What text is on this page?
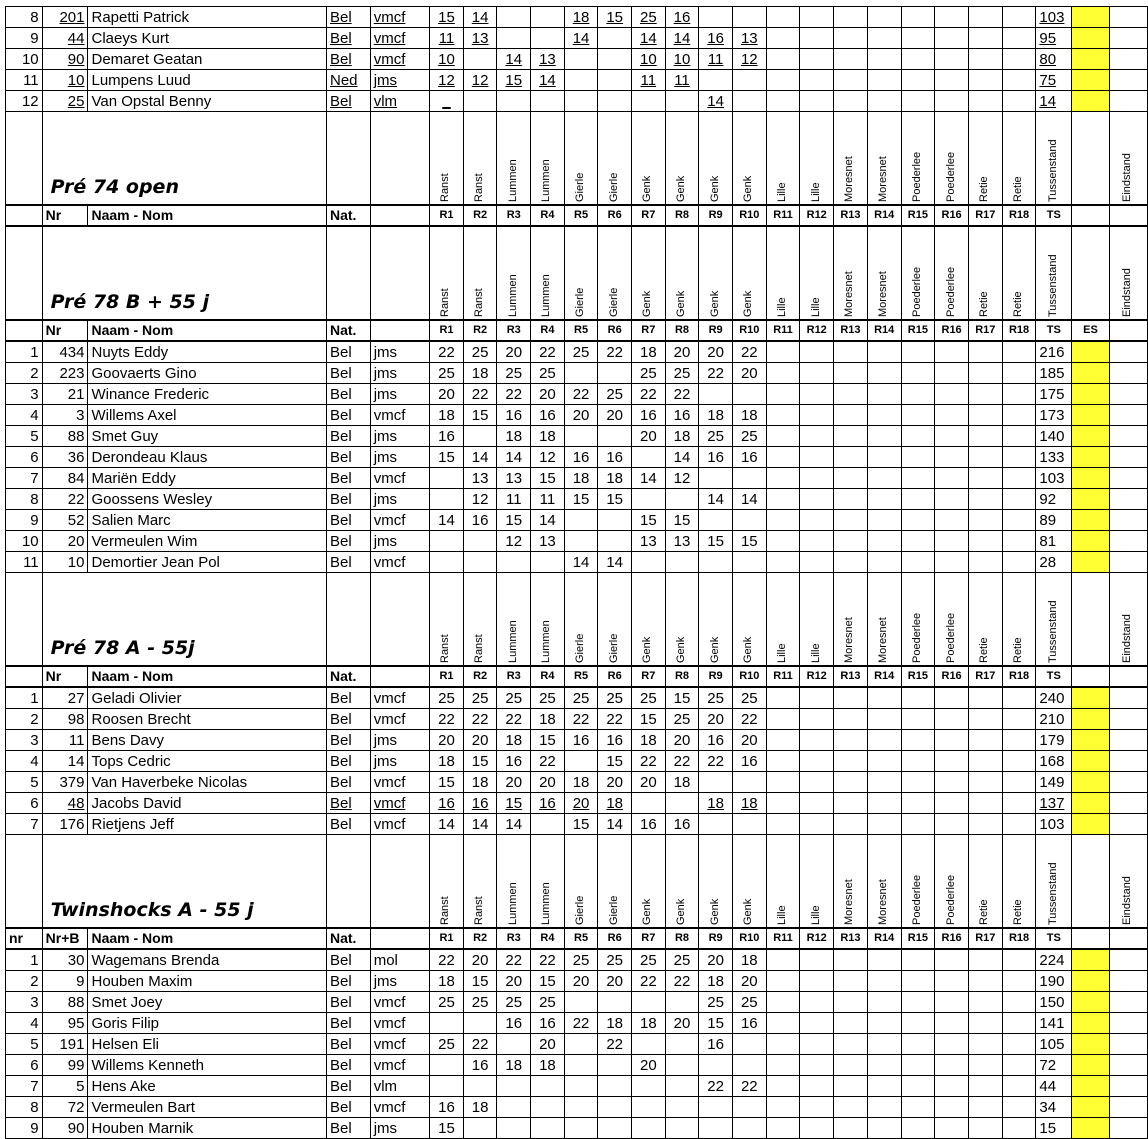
8	201	Rapetti Patrick	Bel	vmcf	15	14			18	15	25	16											103		
9	44	Claeys Kurt	Bel	vmcf	11	13			14		14	14	16	13									95		
10	90	Demaret Geatan	Bel	vmcf	10		14	13			10	10	11	12									80		
11	10	Lumpens Luud	Ned	jms	12	12	15	14			11	11											75		
12	25	Van Opstal Benny	Bel	vlm	_								14										14		
	Pré 74 open				Ranst	Ranst	Lummen	Lummen	Gierle	Gierle	Genk	Genk	Genk	Genk	Lille	Lille	Moresnet	Moresnet	Poederlee	Poederlee	Retie	Retie	Tussenstand		Eindstand

	Nr	Naam - Nom	Nat.		R1	R2	R3	R4	R5	R6	R7	R8	R9	R10	R11	R12	R13	R14	R15	R16	R17	R18	TS		
	Pré 78 B + 55 j				Ranst	Ranst	Lummen	Lummen	Gierle	Gierle	Genk	Genk	Genk	Genk	Lille	Lille	Moresnet	Moresnet	Poederlee	Poederlee	Retie	Retie	Tussenstand		Eindstand

	Nr	Naam - Nom	Nat.		R1	R2	R3	R4	R5	R6	R7	R8	R9	R10	R11	R12	R13	R14	R15	R16	R17	R18	TS	ES	
1	434	Nuyts Eddy	Bel	jms	22	25	20	22	25	22	18	20	20	22									216		
2	223	Goovaerts Gino	Bel	jms	25	18	25	25			25	25	22	20									185		
3	21	Winance Frederic	Bel	jms	20	22	22	20	22	25	22	22											175		
4	3	Willems Axel	Bel	vmcf	18	15	16	16	20	20	16	16	18	18									173		
5	88	Smet Guy	Bel	jms	16		18	18			20	18	25	25									140		
6	36	Derondeau Klaus	Bel	jms	15	14	14	12	16	16		14	16	16									133		
7	84	Mariën Eddy	Bel	vmcf		13	13	15	18	18	14	12											103		
8	22	Goossens Wesley	Bel	jms		12	11	11	15	15			14	14									92		
9	52	Salien Marc	Bel	vmcf	14	16	15	14			15	15											89		
10	20	Vermeulen Wim	Bel	jms			12	13			13	13	15	15									81		
11	10	Demortier Jean Pol	Bel	vmcf					14	14													28		
	Pré 78 A - 55j				Ranst	Ranst	Lummen	Lummen	Gierle	Gierle	Genk	Genk	Genk	Genk	Lille	Lille	Moresnet	Moresnet	Poederlee	Poederlee	Retie	Retie	Tussenstand		Eindstand

	Nr	Naam - Nom	Nat.		R1	R2	R3	R4	R5	R6	R7	R8	R9	R10	R11	R12	R13	R14	R15	R16	R17	R18	TS		
1	27	Geladi Olivier	Bel	vmcf	25	25	25	25	25	25	25	15	25	25									240		
2	98	Roosen Brecht	Bel	vmcf	22	22	22	18	22	22	15	25	20	22									210		
3	11	Bens Davy	Bel	jms	20	20	18	15	16	16	18	20	16	20									179		
4	14	Tops Cedric	Bel	jms	18	15	16	22		15	22	22	22	16									168		
5	379	Van Haverbeke Nicolas	Bel	vmcf	15	18	20	20	18	20	20	18											149		
6	48	Jacobs David	Bel	vmcf	16	16	15	16	20	18			18	18									137		
7	176	Rietjens Jeff	Bel	vmcf	14	14	14		15	14	16	16											103		
	Twinshocks A - 55 j				Ranst	Ranst	Lummen	Lummen	Gierle	Gierle	Genk	Genk	Genk	Genk	Lille	Lille	Moresnet	Moresnet	Poederlee	Poederlee	Retie	Retie	Tussenstand		Eindstand

nr	Nr+B	Naam - Nom	Nat.		R1	R2	R3	R4	R5	R6	R7	R8	R9	R10	R11	R12	R13	R14	R15	R16	R17	R18	TS		
1	30	Wagemans Brenda	Bel	mol	22	20	22	22	25	25	25	25	20	18									224		
2	9	Houben Maxim	Bel	jms	18	15	20	15	20	20	22	22	18	20									190		
3	88	Smet Joey	Bel	vmcf	25	25	25	25					25	25									150		
4	95	Goris Filip	Bel	vmcf			16	16	22	18	18	20	15	16									141		
5	191	Helsen Eli	Bel	vmcf	25	22		20		22			16										105		
6	99	Willems Kenneth	Bel	vmcf		16	18	18			20												72		
7	5	Hens Ake	Bel	vlm									22	22									44		
8	72	Vermeulen Bart	Bel	vmcf	16	18																	34		
9	90	Houben Marnik	Bel	jms	15																		15		
